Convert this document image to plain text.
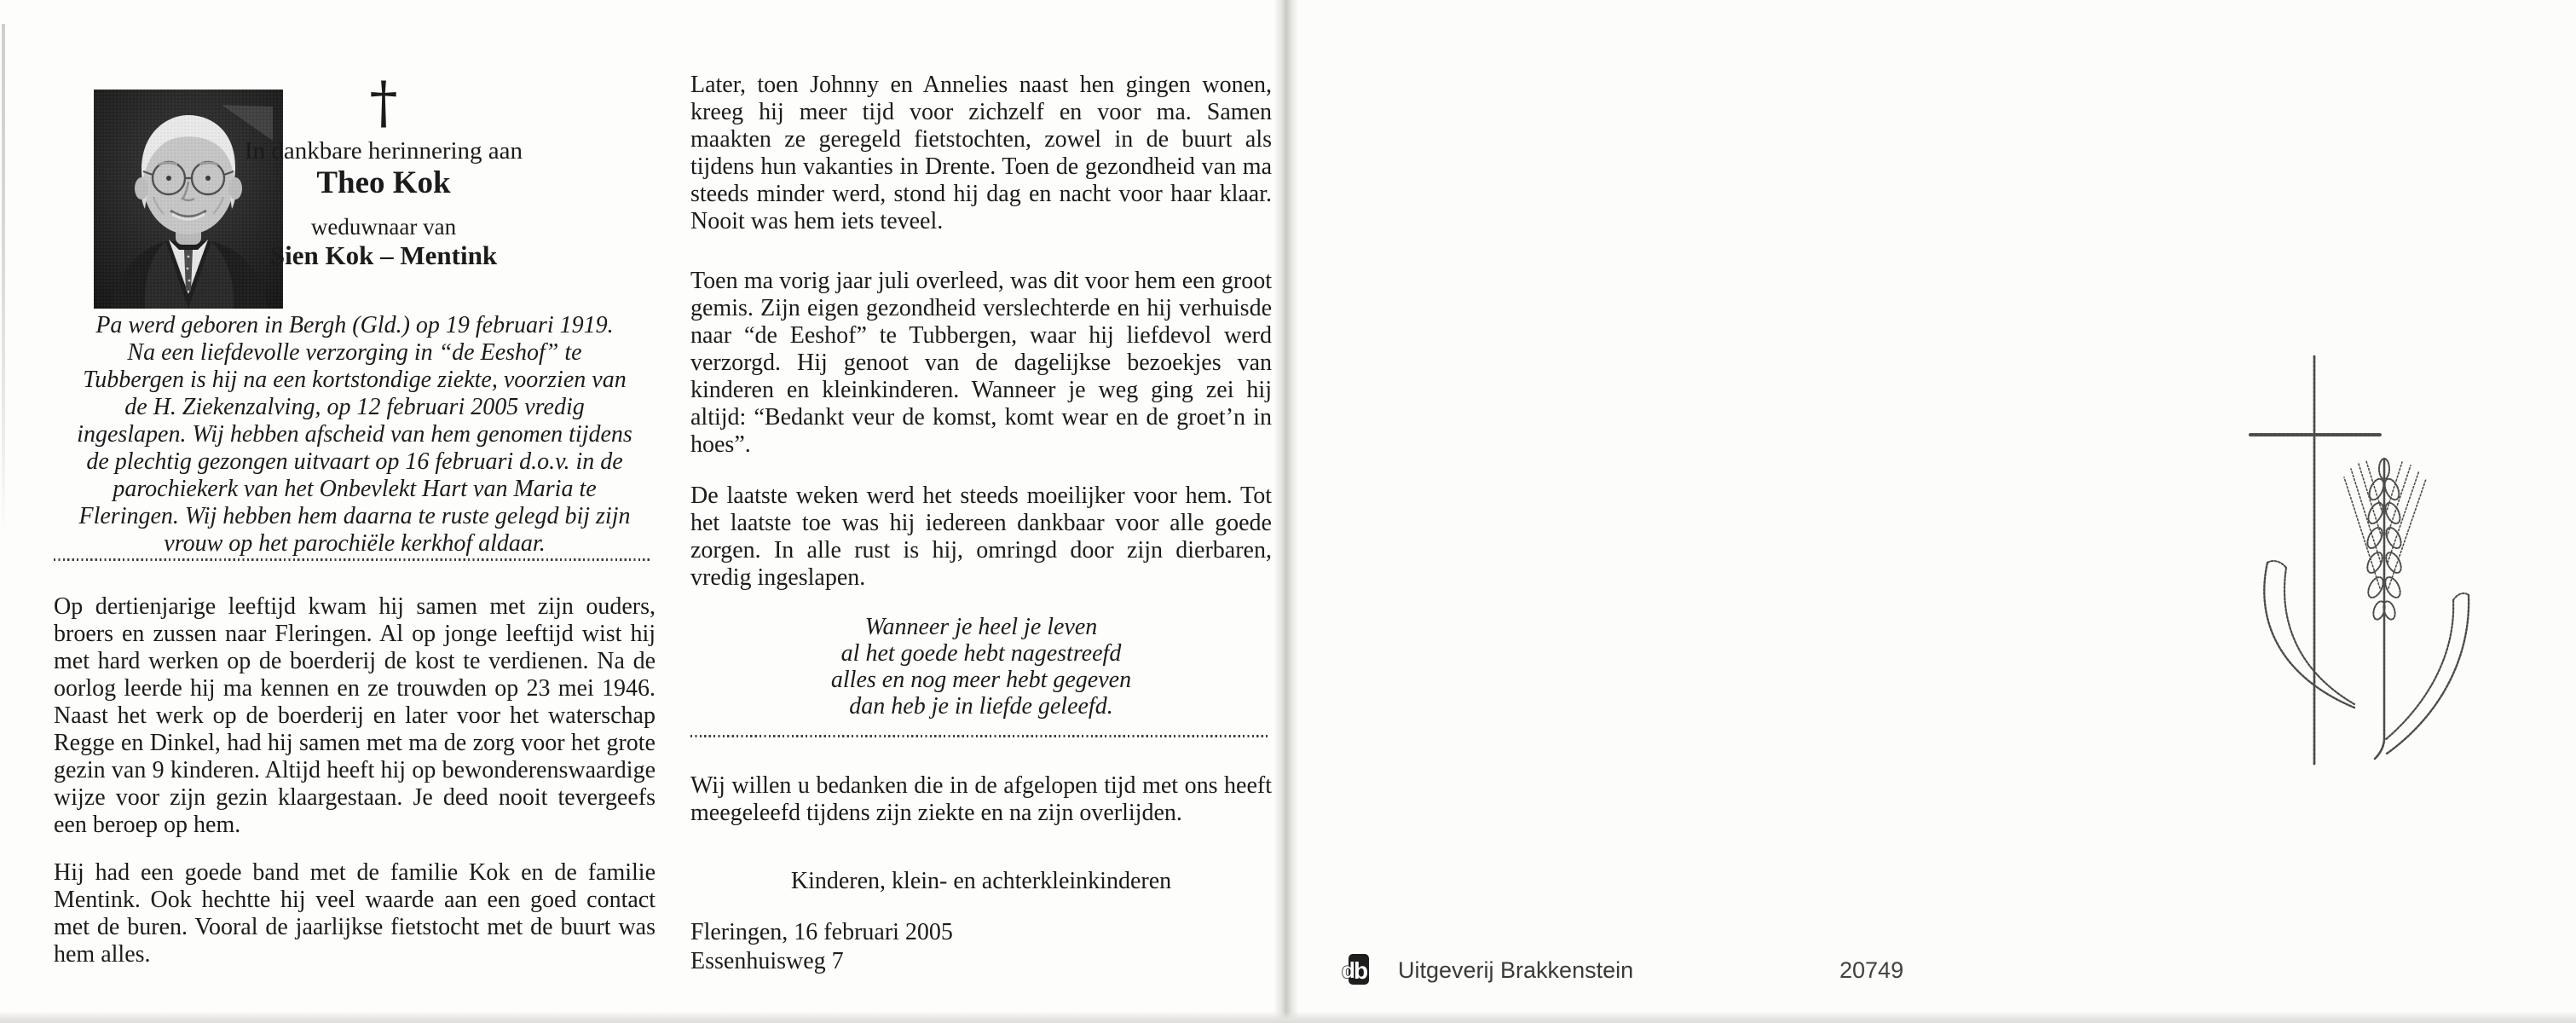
†
In dankbare herinnering aan
Theo Kok
weduwnaar van
Sien Kok – Mentink
Pa werd geboren in Bergh (Gld.) op 19 februari 1919.
Na een liefdevolle verzorging in “de Eeshof” te
Tubbergen is hij na een kortstondige ziekte, voorzien van
de H. Ziekenzalving, op 12 februari 2005 vredig
ingeslapen. Wij hebben afscheid van hem genomen tijdens
de plechtig gezongen uitvaart op 16 februari d.o.v. in de
parochiekerk van het Onbevlekt Hart van Maria te
Fleringen. Wij hebben hem daarna te ruste gelegd bij zijn
vrouw op het parochiële kerkhof aldaar.
Op dertienjarige leeftijd kwam hij samen met zijn ouders, broers en zussen naar Fleringen. Al op jonge leeftijd wist hij met hard werken op de boerderij de kost te verdienen. Na de oorlog leerde hij ma kennen en ze trouwden op 23 mei 1946. Naast het werk op de boerderij en later voor het waterschap Regge en Dinkel, had hij samen met ma de zorg voor het grote gezin van 9 kinderen. Altijd heeft hij op bewonderenswaardige wijze voor zijn gezin klaargestaan. Je deed nooit tevergeefs een beroep op hem.
Hij had een goede band met de familie Kok en de familie Mentink. Ook hechtte hij veel waarde aan een goed contact met de buren. Vooral de jaarlijkse fietstocht met de buurt was hem alles.
Later, toen Johnny en Annelies naast hen gingen wonen, kreeg hij meer tijd voor zichzelf en voor ma. Samen maakten ze geregeld fietstochten, zowel in de buurt als tijdens hun vakanties in Drente. Toen de gezondheid van ma steeds minder werd, stond hij dag en nacht voor haar klaar. Nooit was hem iets teveel.
Toen ma vorig jaar juli overleed, was dit voor hem een groot gemis. Zijn eigen gezondheid verslechterde en hij verhuisde naar “de Eeshof” te Tubbergen, waar hij liefdevol werd verzorgd. Hij genoot van de dagelijkse bezoekjes van kinderen en kleinkinderen. Wanneer je weg ging zei hij altijd: “Bedankt veur de komst, komt wear en de groet’n in hoes”.
De laatste weken werd het steeds moeilijker voor hem. Tot het laatste toe was hij iedereen dankbaar voor alle goede zorgen. In alle rust is hij, omringd door zijn dierbaren, vredig ingeslapen.
Wanneer je heel je leven
al het goede hebt nagestreefd
alles en nog meer hebt gegeven
dan heb je in liefde geleefd.
Wij willen u bedanken die in de afgelopen tijd met ons heeft meegeleefd tijdens zijn ziekte en na zijn overlijden.
Kinderen, klein- en achterkleinkinderen
Fleringen, 16 februari 2005
Essenhuisweg 7	b
d Uitgeverij Brakkenstein	20749
